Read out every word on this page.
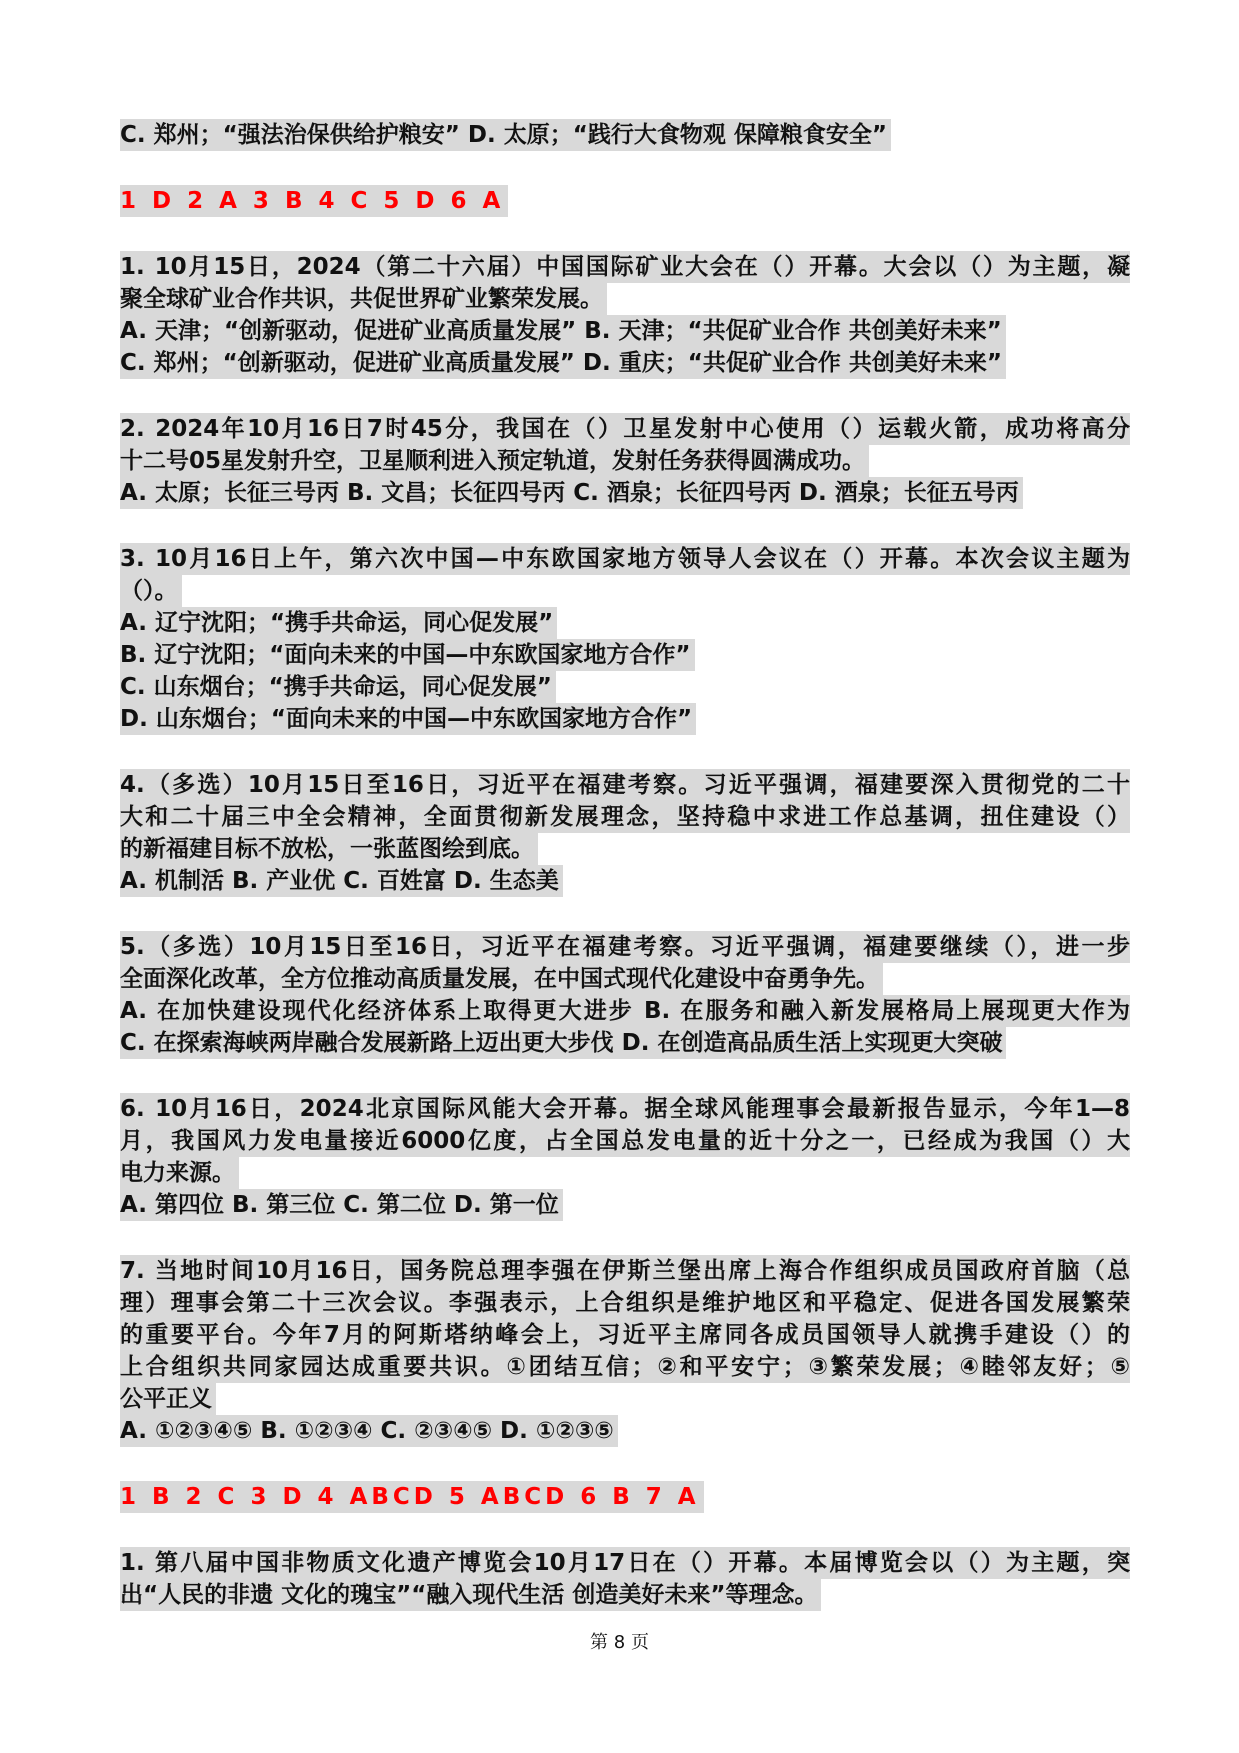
C. 郑州；“强法治保供给护粮安” D. 太原；“践行大食物观 保障粮食安全”
1 D 2 A 3 B 4 C 5 D 6 A
1. 10月15日，2024（第二十六届）中国国际矿业大会在（）开幕。大会以（）为主题，凝
聚全球矿业合作共识，共促世界矿业繁荣发展。
A. 天津；“创新驱动，促进矿业高质量发展” B. 天津；“共促矿业合作 共创美好未来”
C. 郑州；“创新驱动，促进矿业高质量发展” D. 重庆；“共促矿业合作 共创美好未来”
2. 2024年10月16日7时45分，我国在（）卫星发射中心使用（）运载火箭，成功将高分
十二号05星发射升空，卫星顺利进入预定轨道，发射任务获得圆满成功。
A. 太原；长征三号丙 B. 文昌；长征四号丙 C. 酒泉；长征四号丙 D. 酒泉；长征五号丙
3. 10月16日上午，第六次中国—中东欧国家地方领导人会议在（）开幕。本次会议主题为
（）。
A. 辽宁沈阳；“携手共命运，同心促发展”
B. 辽宁沈阳；“面向未来的中国—中东欧国家地方合作”
C. 山东烟台；“携手共命运，同心促发展”
D. 山东烟台；“面向未来的中国—中东欧国家地方合作”
4.（多选）10月15日至16日，习近平在福建考察。习近平强调，福建要深入贯彻党的二十
大和二十届三中全会精神，全面贯彻新发展理念，坚持稳中求进工作总基调，扭住建设（）
的新福建目标不放松，一张蓝图绘到底。
A. 机制活 B. 产业优 C. 百姓富 D. 生态美
5.（多选）10月15日至16日，习近平在福建考察。习近平强调，福建要继续（），进一步
全面深化改革，全方位推动高质量发展，在中国式现代化建设中奋勇争先。
A. 在加快建设现代化经济体系上取得更大进步 B. 在服务和融入新发展格局上展现更大作为
C. 在探索海峡两岸融合发展新路上迈出更大步伐 D. 在创造高品质生活上实现更大突破
6. 10月16日，2024北京国际风能大会开幕。据全球风能理事会最新报告显示，今年1—8
月，我国风力发电量接近6000亿度，占全国总发电量的近十分之一，已经成为我国（）大
电力来源。
A. 第四位 B. 第三位 C. 第二位 D. 第一位
7. 当地时间10月16日，国务院总理李强在伊斯兰堡出席上海合作组织成员国政府首脑（总
理）理事会第二十三次会议。李强表示，上合组织是维护地区和平稳定、促进各国发展繁荣
的重要平台。今年7月的阿斯塔纳峰会上，习近平主席同各成员国领导人就携手建设（）的
上合组织共同家园达成重要共识。①团结互信；②和平安宁；③繁荣发展；④睦邻友好；⑤
公平正义
A. ①②③④⑤ B. ①②③④ C. ②③④⑤ D. ①②③⑤
1 B 2 C 3 D 4 ABCD 5 ABCD 6 B 7 A
1. 第八届中国非物质文化遗产博览会10月17日在（）开幕。本届博览会以（）为主题，突
出“人民的非遗 文化的瑰宝”“融入现代生活 创造美好未来”等理念。
第 8 页
